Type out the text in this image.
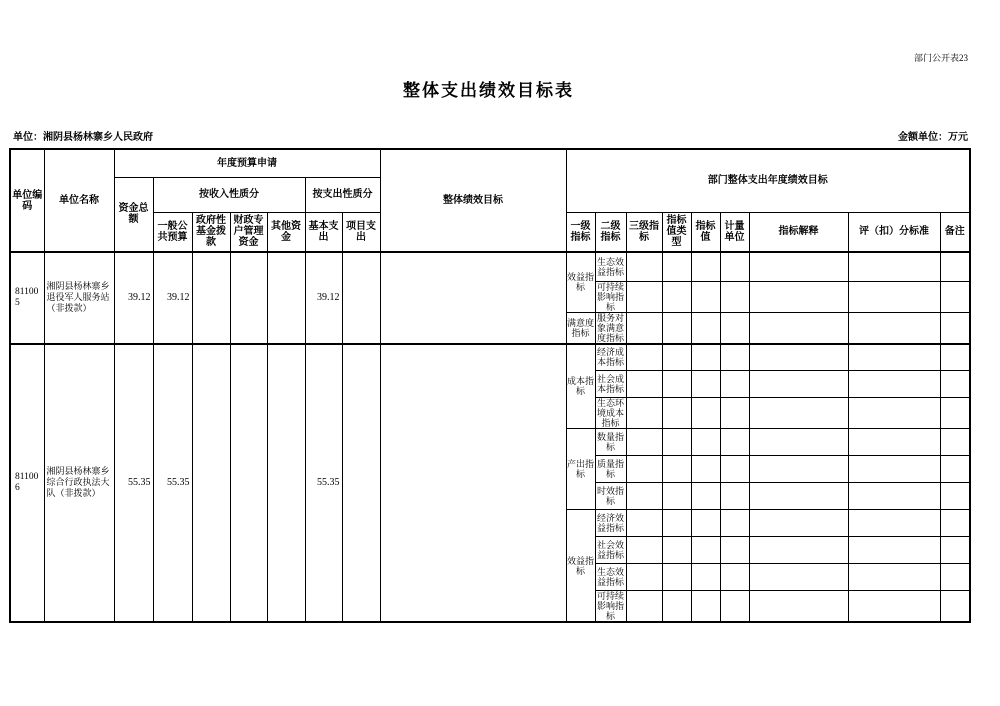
部门公开表23
整体支出绩效目标表
单位：湘阴县杨林寨乡人民政府	金额单位：万元
单位编码	单位名称	年度预算申请							整体绩效目标	部门整体支出年度绩效目标								
		资金总额	按收入性质分				按支出性质分											
			一般公共预算	政府性基金拨款	财政专户管理资金	其他资金	基本支出	项目支出		一级指标	二级指标	三级指标	指标值类型	指标值	计量单位	指标解释	评（扣）分标准	备注
811005	湘阴县杨林寨乡退役军人服务站（非拨款）	39.12	39.12				39.12			效益指标	生态效益指标							
											可持续影响指标							
										满意度指标	服务对象满意度指标							
811006	湘阴县杨林寨乡综合行政执法大队（非拨款）	55.35	55.35				55.35			成本指标	经济成本指标							
											社会成本指标							
											生态环境成本指标							
										产出指标	数量指标							
											质量指标							
											时效指标							
										效益指标	经济效益指标							
											社会效益指标							
											生态效益指标							
											可持续影响指标							
